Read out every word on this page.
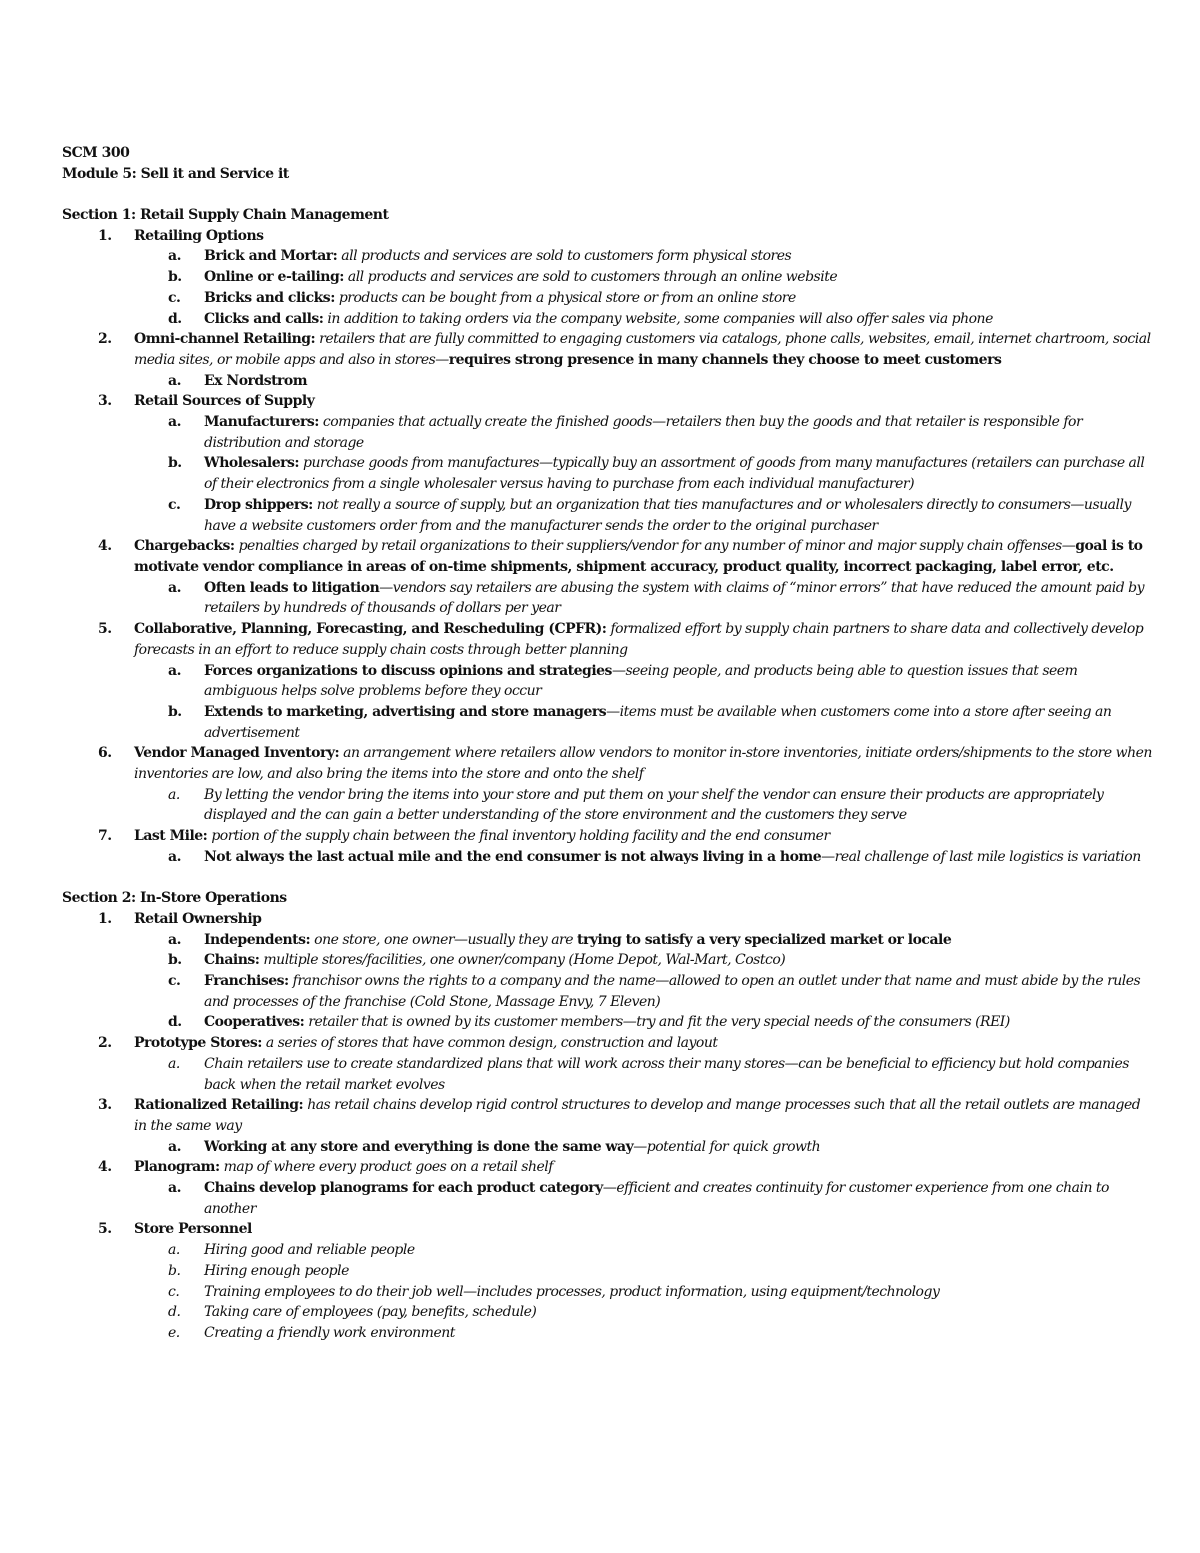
SCM 300
Module 5: Sell it and Service it
Section 1: Retail Supply Chain Management
1.	Retailing Options
a.	Brick and Mortar: all products and services are sold to customers form physical stores
b.	Online or e-tailing: all products and services are sold to customers through an online website
c.	Bricks and clicks: products can be bought from a physical store or from an online store
d.	Clicks and calls: in addition to taking orders via the company website, some companies will also offer sales via phone
2.	Omni-channel Retailing: retailers that are fully committed to engaging customers via catalogs, phone calls, websites, email, internet chartroom, social media sites, or mobile apps and also in stores—requires strong presence in many channels they choose to meet customers
a.	Ex Nordstrom
3.	Retail Sources of Supply
a.	Manufacturers: companies that actually create the finished goods—retailers then buy the goods and that retailer is responsible for distribution and storage
b.	Wholesalers: purchase goods from manufactures—typically buy an assortment of goods from many manufactures (retailers can purchase all of their electronics from a single wholesaler versus having to purchase from each individual manufacturer)
c.	Drop shippers: not really a source of supply, but an organization that ties manufactures and or wholesalers directly to consumers—usually have a website customers order from and the manufacturer sends the order to the original purchaser
4.	Chargebacks: penalties charged by retail organizations to their suppliers/vendor for any number of minor and major supply chain offenses—goal is to motivate vendor compliance in areas of on-time shipments, shipment accuracy, product quality, incorrect packaging, label error, etc.
a.	Often leads to litigation—vendors say retailers are abusing the system with claims of “minor errors” that have reduced the amount paid by retailers by hundreds of thousands of dollars per year
5.	Collaborative, Planning, Forecasting, and Rescheduling (CPFR): formalized effort by supply chain partners to share data and collectively develop forecasts in an effort to reduce supply chain costs through better planning
a.	Forces organizations to discuss opinions and strategies—seeing people, and products being able to question issues that seem ambiguous helps solve problems before they occur
b.	Extends to marketing, advertising and store managers—items must be available when customers come into a store after seeing an advertisement
6.	Vendor Managed Inventory: an arrangement where retailers allow vendors to monitor in-store inventories, initiate orders/shipments to the store when inventories are low, and also bring the items into the store and onto the shelf
a.	By letting the vendor bring the items into your store and put them on your shelf the vendor can ensure their products are appropriately displayed and the can gain a better understanding of the store environment and the customers they serve
7.	Last Mile: portion of the supply chain between the final inventory holding facility and the end consumer
a.	Not always the last actual mile and the end consumer is not always living in a home—real challenge of last mile logistics is variation
Section 2: In-Store Operations
1.	Retail Ownership
a.	Independents: one store, one owner—usually they are trying to satisfy a very specialized market or locale
b.	Chains: multiple stores/facilities, one owner/company (Home Depot, Wal-Mart, Costco)
c.	Franchises: franchisor owns the rights to a company and the name—allowed to open an outlet under that name and must abide by the rules and processes of the franchise (Cold Stone, Massage Envy, 7 Eleven)
d.	Cooperatives: retailer that is owned by its customer members—try and fit the very special needs of the consumers (REI)
2.	Prototype Stores: a series of stores that have common design, construction and layout
a.	Chain retailers use to create standardized plans that will work across their many stores—can be beneficial to efficiency but hold companies back when the retail market evolves
3.	Rationalized Retailing: has retail chains develop rigid control structures to develop and mange processes such that all the retail outlets are managed in the same way
a.	Working at any store and everything is done the same way—potential for quick growth
4.	Planogram: map of where every product goes on a retail shelf
a.	Chains develop planograms for each product category—efficient and creates continuity for customer experience from one chain to another
5.	Store Personnel
a.	Hiring good and reliable people
b.	Hiring enough people
c.	Training employees to do their job well—includes processes, product information, using equipment/technology
d.	Taking care of employees (pay, benefits, schedule)
e.	Creating a friendly work environment
